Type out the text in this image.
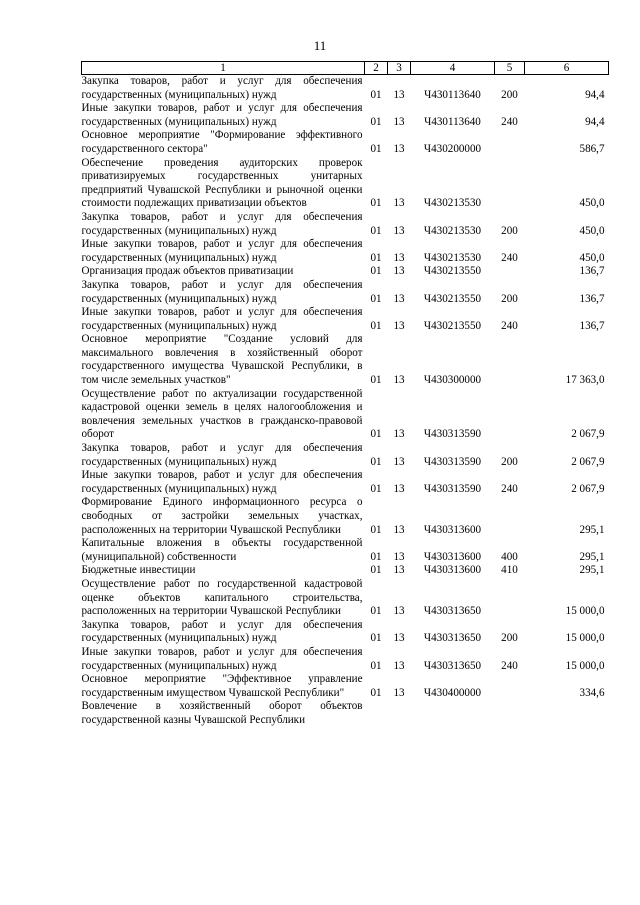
11
1	2	3	4	5	6
Закупка товаров, работ и услуг для обеспечения государственных (муниципальных) нужд	01	13	Ч430113640	200	94,4
Иные закупки товаров, работ и услуг для обеспечения государственных (муниципальных) нужд	01	13	Ч430113640	240	94,4
Основное мероприятие "Формирование эффективного государственного сектора"	01	13	Ч430200000		586,7
Обеспечение проведения аудиторских проверок приватизируемых государственных унитарных предприятий Чувашской Республики и рыночной оценки стоимости подлежащих приватизации объектов	01	13	Ч430213530		450,0
Закупка товаров, работ и услуг для обеспечения государственных (муниципальных) нужд	01	13	Ч430213530	200	450,0
Иные закупки товаров, работ и услуг для обеспечения государственных (муниципальных) нужд	01	13	Ч430213530	240	450,0
Организация продаж объектов приватизации	01	13	Ч430213550		136,7
Закупка товаров, работ и услуг для обеспечения государственных (муниципальных) нужд	01	13	Ч430213550	200	136,7
Иные закупки товаров, работ и услуг для обеспечения государственных (муниципальных) нужд	01	13	Ч430213550	240	136,7
Основное мероприятие "Создание условий для максимального вовлечения в хозяйственный оборот государственного имущества Чувашской Республики, в том числе земельных участков"	01	13	Ч430300000		17 363,0
Осуществление работ по актуализации государственной кадастровой оценки земель в целях налогообложения и вовлечения земельных участков в гражданско-правовой оборот	01	13	Ч430313590		2 067,9
Закупка товаров, работ и услуг для обеспечения государственных (муниципальных) нужд	01	13	Ч430313590	200	2 067,9
Иные закупки товаров, работ и услуг для обеспечения государственных (муниципальных) нужд	01	13	Ч430313590	240	2 067,9
Формирование Единого информационного ресурса о свободных от застройки земельных участках, расположенных на территории Чувашской Республики	01	13	Ч430313600		295,1
Капитальные вложения в объекты государственной (муниципальной) собственности	01	13	Ч430313600	400	295,1
Бюджетные инвестиции	01	13	Ч430313600	410	295,1
Осуществление работ по государственной кадастровой оценке объектов капитального строительства, расположенных на территории Чувашской Республики	01	13	Ч430313650		15 000,0
Закупка товаров, работ и услуг для обеспечения государственных (муниципальных) нужд	01	13	Ч430313650	200	15 000,0
Иные закупки товаров, работ и услуг для обеспечения государственных (муниципальных) нужд	01	13	Ч430313650	240	15 000,0
Основное мероприятие "Эффективное управление государственным имуществом Чувашской Республики"	01	13	Ч430400000		334,6
Вовлечение в хозяйственный оборот объектов государственной казны Чувашской Республики					
